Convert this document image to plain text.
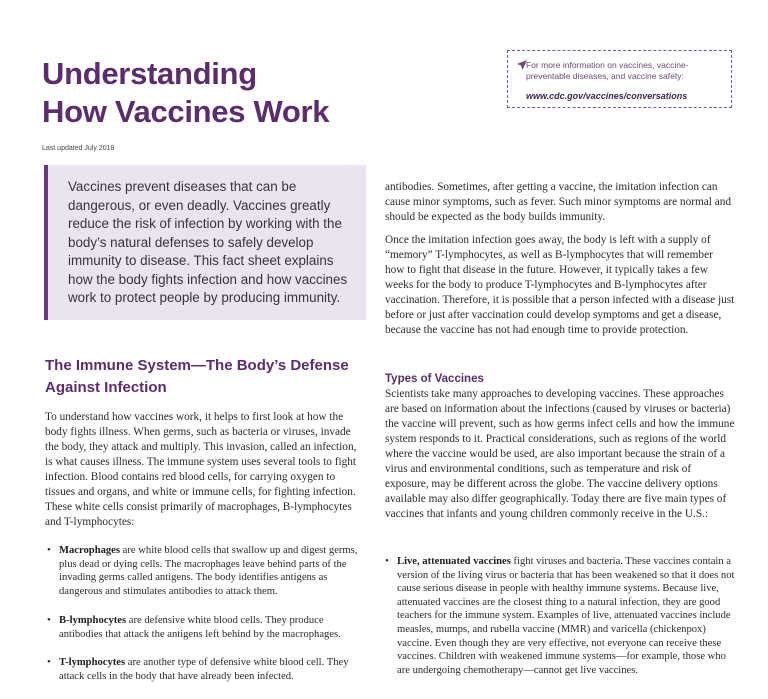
Understanding
How Vaccines Work
Last updated July 2018
For more information on vaccines, vaccine-preventable diseases, and vaccine safety:
www.cdc.gov/vaccines/conversations

Vaccines prevent diseases that can be dangerous, or even deadly. Vaccines greatly reduce the risk of infection by working with the body’s natural defenses to safely develop immunity to disease. This fact sheet explains how the body fights infection and how vaccines work to protect people by producing immunity.

The Immune System—The Body’s Defense Against Infection

To understand how vaccines work, it helps to first look at how the body fights illness. When germs, such as bacteria or viruses, invade the body, they attack and multiply. This invasion, called an infection, is what causes illness. The immune system uses several tools to fight infection. Blood contains red blood cells, for carrying oxygen to tissues and organs, and white or immune cells, for fighting infection. These white cells consist primarily of macrophages, B-lymphocytes and T-lymphocytes:

• Macrophages are white blood cells that swallow up and digest germs, plus dead or dying cells. The macrophages leave behind parts of the invading germs called antigens. The body identifies antigens as dangerous and stimulates antibodies to attack them.
• B-lymphocytes are defensive white blood cells. They produce antibodies that attack the antigens left behind by the macrophages.
• T-lymphocytes are another type of defensive white blood cell. They attack cells in the body that have already been infected.

antibodies. Sometimes, after getting a vaccine, the imitation infection can cause minor symptoms, such as fever. Such minor symptoms are normal and should be expected as the body builds immunity.

Once the imitation infection goes away, the body is left with a supply of “memory” T-lymphocytes, as well as B-lymphocytes that will remember how to fight that disease in the future. However, it typically takes a few weeks for the body to produce T-lymphocytes and B-lymphocytes after vaccination. Therefore, it is possible that a person infected with a disease just before or just after vaccination could develop symptoms and get a disease, because the vaccine has not had enough time to provide protection.

Types of Vaccines

Scientists take many approaches to developing vaccines. These approaches are based on information about the infections (caused by viruses or bacteria) the vaccine will prevent, such as how germs infect cells and how the immune system responds to it. Practical considerations, such as regions of the world where the vaccine would be used, are also important because the strain of a virus and environmental conditions, such as temperature and risk of exposure, may be different across the globe. The vaccine delivery options available may also differ geographically. Today there are five main types of vaccines that infants and young children commonly receive in the U.S.:

• Live, attenuated vaccines fight viruses and bacteria. These vaccines contain a version of the living virus or bacteria that has been weakened so that it does not cause serious disease in people with healthy immune systems. Because live, attenuated vaccines are the closest thing to a natural infection, they are good teachers for the immune system. Examples of live, attenuated vaccines include measles, mumps, and rubella vaccine (MMR) and varicella (chickenpox) vaccine. Even though they are very effective, not everyone can receive these vaccines. Children with weakened immune systems—for example, those who are undergoing chemotherapy—cannot get live vaccines.
